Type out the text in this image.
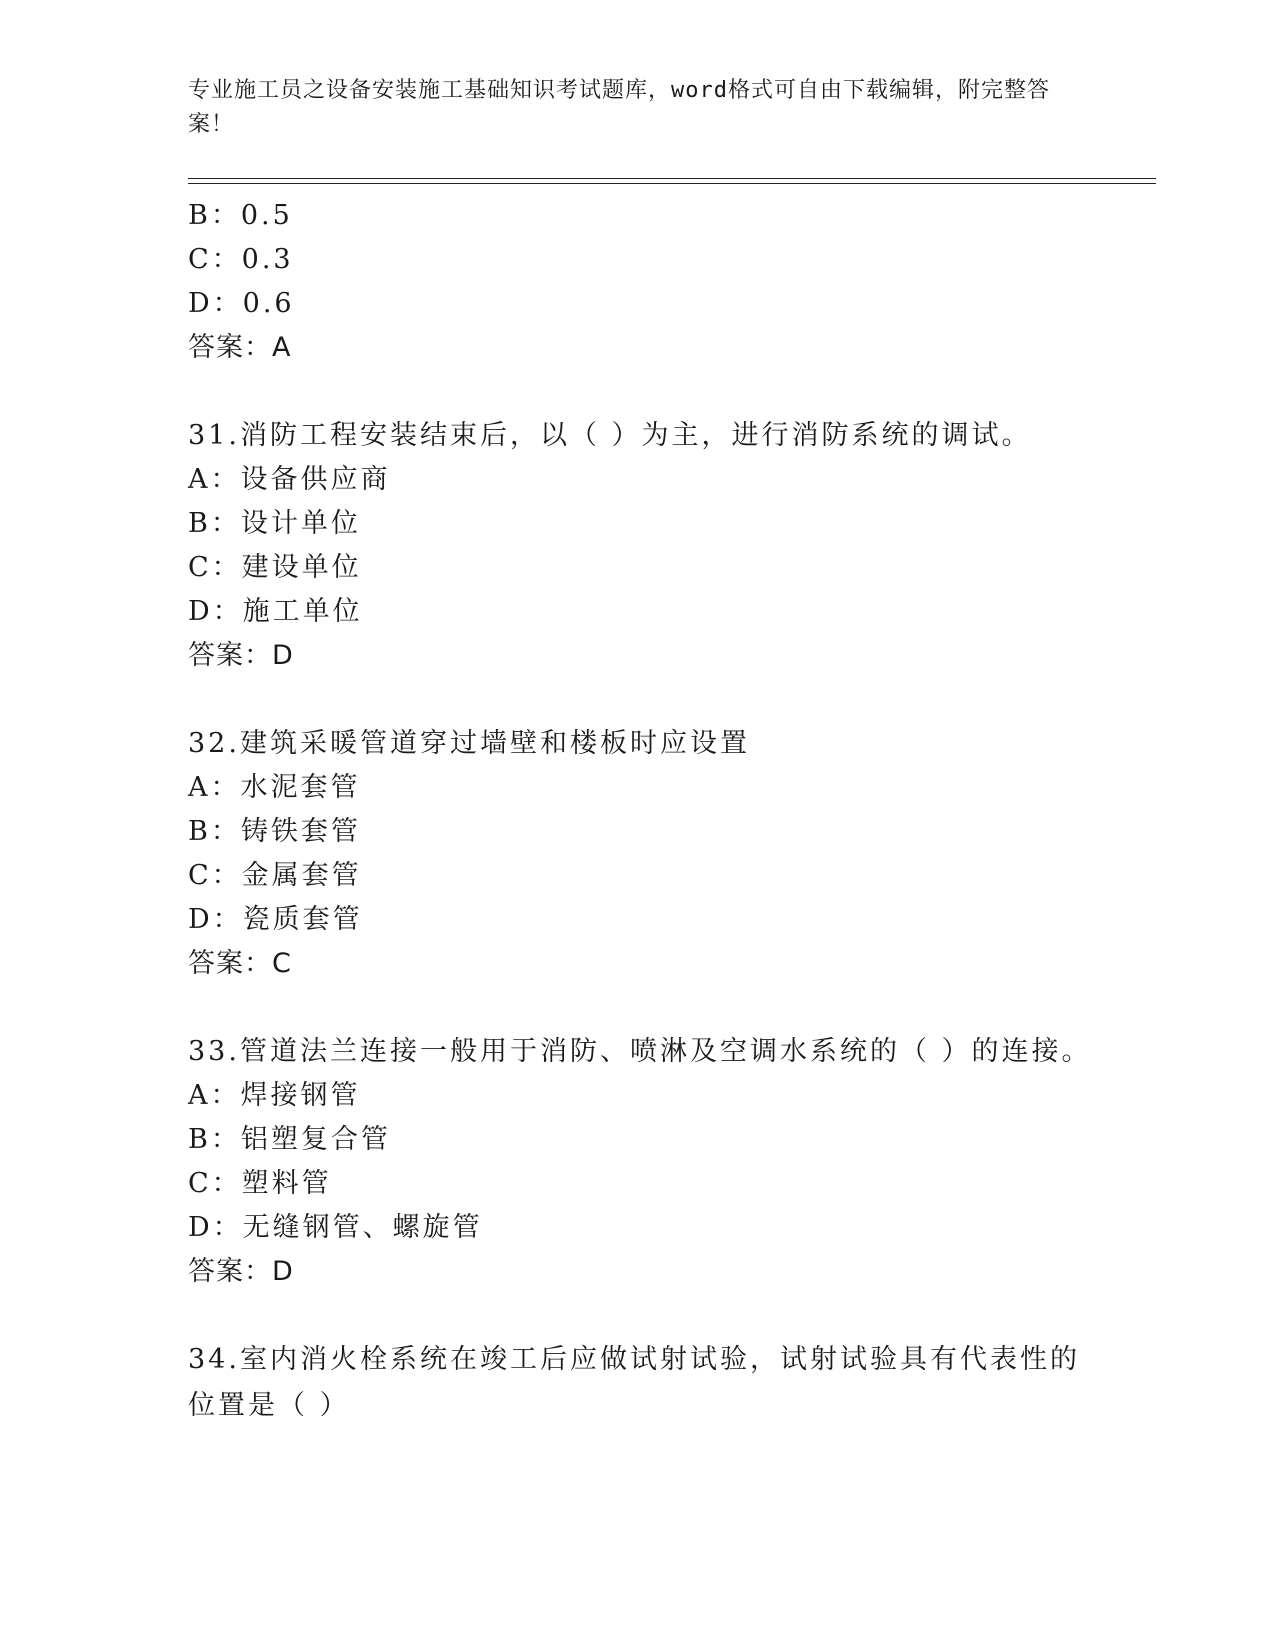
专业施工员之设备安装施工基础知识考试题库，word格式可自由下载编辑，附完整答案！
B：0.5
C：0.3
D：0.6
答案：A
31.消防工程安装结束后，以（ ）为主，进行消防系统的调试。
A：设备供应商
B：设计单位
C：建设单位
D：施工单位
答案：D
32.建筑采暖管道穿过墙壁和楼板时应设置
A：水泥套管
B：铸铁套管
C：金属套管
D：瓷质套管
答案：C
33.管道法兰连接一般用于消防、喷淋及空调水系统的（ ）的连接。
A：焊接钢管
B：铝塑复合管
C：塑料管
D：无缝钢管、螺旋管
答案：D
34.室内消火栓系统在竣工后应做试射试验，试射试验具有代表性的位置是（ ）
